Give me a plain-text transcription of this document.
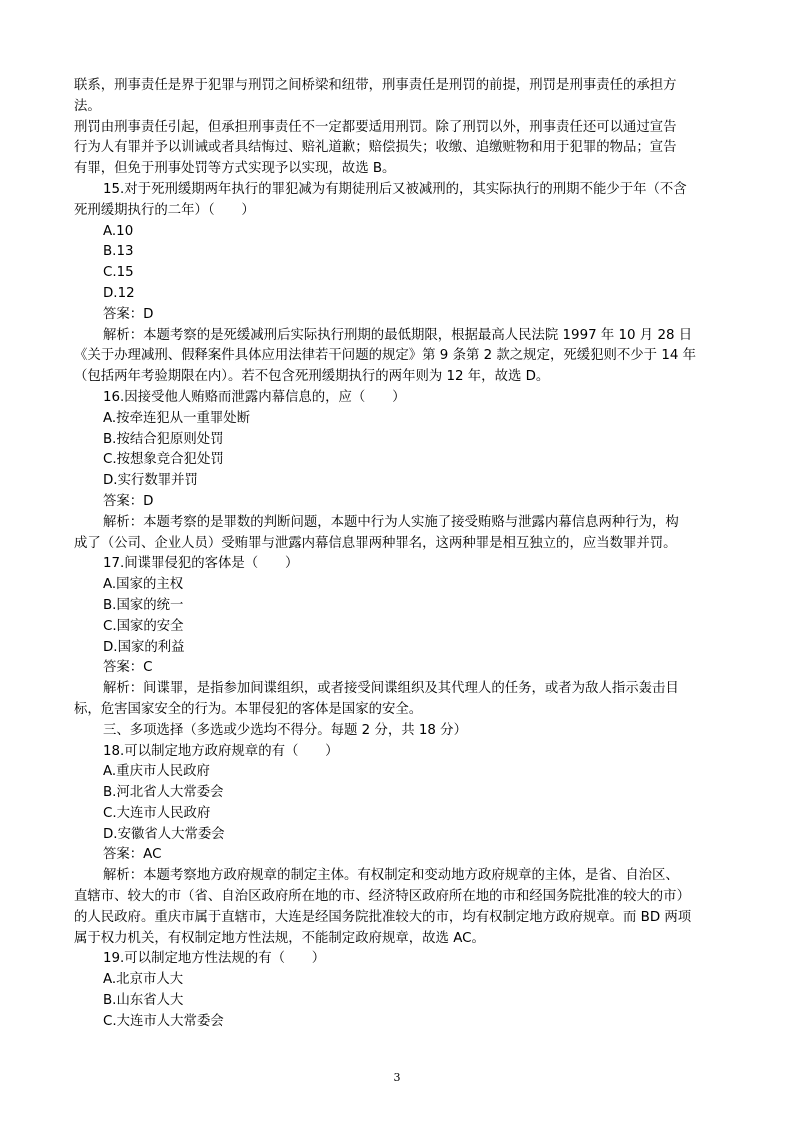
联系，刑事责任是界于犯罪与刑罚之间桥梁和纽带，刑事责任是刑罚的前提，刑罚是刑事责任的承担方
法。
刑罚由刑事责任引起，但承担刑事责任不一定都要适用刑罚。除了刑罚以外，刑事责任还可以通过宣告
行为人有罪并予以训诫或者具结悔过、赔礼道歉；赔偿损失；收缴、追缴赃物和用于犯罪的物品；宣告
有罪，但免于刑事处罚等方式实现予以实现，故选 B。
15.对于死刑缓期两年执行的罪犯减为有期徒刑后又被减刑的，其实际执行的刑期不能少于年（不含
死刑缓期执行的二年）（　　）
A.10
B.13
C.15
D.12
答案：D
解析：本题考察的是死缓减刑后实际执行刑期的最低期限，根据最高人民法院 1997 年 10 月 28 日
《关于办理减刑、假释案件具体应用法律若干问题的规定》第 9 条第 2 款之规定，死缓犯则不少于 14 年
（包括两年考验期限在内）。若不包含死刑缓期执行的两年则为 12 年，故选 D。
16.因接受他人贿赂而泄露内幕信息的，应（　　）
A.按牵连犯从一重罪处断
B.按结合犯原则处罚
C.按想象竞合犯处罚
D.实行数罪并罚
答案：D
解析：本题考察的是罪数的判断问题，本题中行为人实施了接受贿赂与泄露内幕信息两种行为，构
成了（公司、企业人员）受贿罪与泄露内幕信息罪两种罪名，这两种罪是相互独立的，应当数罪并罚。
17.间谍罪侵犯的客体是（　　）
A.国家的主权
B.国家的统一
C.国家的安全
D.国家的利益
答案：C
解析：间谍罪，是指参加间谍组织，或者接受间谍组织及其代理人的任务，或者为敌人指示轰击目
标，危害国家安全的行为。本罪侵犯的客体是国家的安全。
三、多项选择（多选或少选均不得分。每题 2 分，共 18 分）
18.可以制定地方政府规章的有（　　）
A.重庆市人民政府
B.河北省人大常委会
C.大连市人民政府
D.安徽省人大常委会
答案：AC
解析：本题考察地方政府规章的制定主体。有权制定和变动地方政府规章的主体，是省、自治区、
直辖市、较大的市（省、自治区政府所在地的市、经济特区政府所在地的市和经国务院批准的较大的市）
的人民政府。重庆市属于直辖市，大连是经国务院批准较大的市，均有权制定地方政府规章。而 BD 两项
属于权力机关，有权制定地方性法规，不能制定政府规章，故选 AC。
19.可以制定地方性法规的有（　　）
A.北京市人大
B.山东省人大
C.大连市人大常委会
3
